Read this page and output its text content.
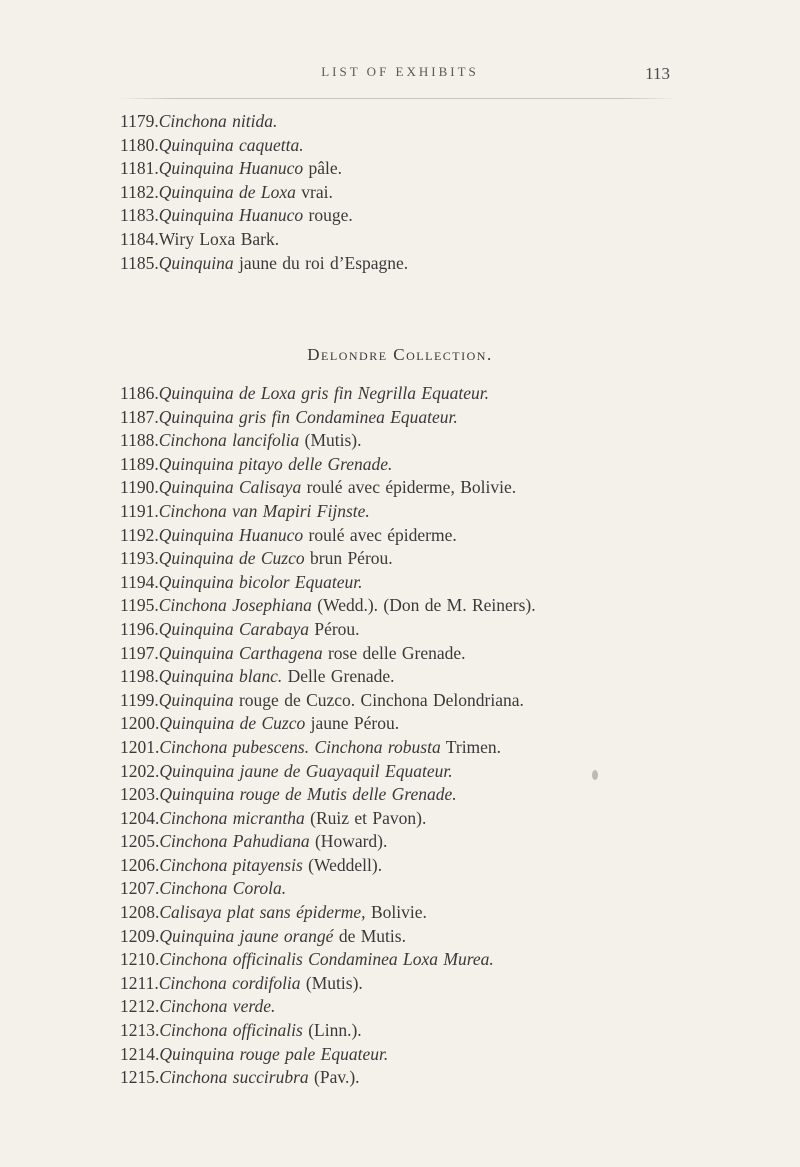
LIST OF EXHIBITS	113
1179.Cinchona nitida.
1180.Quinquina caquetta.
1181.Quinquina Huanuco pâle.
1182.Quinquina de Loxa vrai.
1183.Quinquina Huanuco rouge.
1184.Wiry Loxa Bark.
1185.Quinquina jaune du roi d’Espagne.
Delondre Collection.
1186.Quinquina de Loxa gris fin Negrilla Equateur.
1187.Quinquina gris fin Condaminea Equateur.
1188.Cinchona lancifolia (Mutis).
1189.Quinquina pitayo delle Grenade.
1190.Quinquina Calisaya roulé avec épiderme, Bolivie.
1191.Cinchona van Mapiri Fijnste.
1192.Quinquina Huanuco roulé avec épiderme.
1193.Quinquina de Cuzco brun Pérou.
1194.Quinquina bicolor Equateur.
1195.Cinchona Josephiana (Wedd.). (Don de M. Reiners).
1196.Quinquina Carabaya Pérou.
1197.Quinquina Carthagena rose delle Grenade.
1198.Quinquina blanc. Delle Grenade.
1199.Quinquina rouge de Cuzco. Cinchona Delondriana.
1200.Quinquina de Cuzco jaune Pérou.
1201.Cinchona pubescens. Cinchona robusta Trimen.
1202.Quinquina jaune de Guayaquil Equateur.
1203.Quinquina rouge de Mutis delle Grenade.
1204.Cinchona micrantha (Ruiz et Pavon).
1205.Cinchona Pahudiana (Howard).
1206.Cinchona pitayensis (Weddell).
1207.Cinchona Corola.
1208.Calisaya plat sans épiderme, Bolivie.
1209.Quinquina jaune orangé de Mutis.
1210.Cinchona officinalis Condaminea Loxa Murea.
1211.Cinchona cordifolia (Mutis).
1212.Cinchona verde.
1213.Cinchona officinalis (Linn.).
1214.Quinquina rouge pale Equateur.
1215.Cinchona succirubra (Pav.).
